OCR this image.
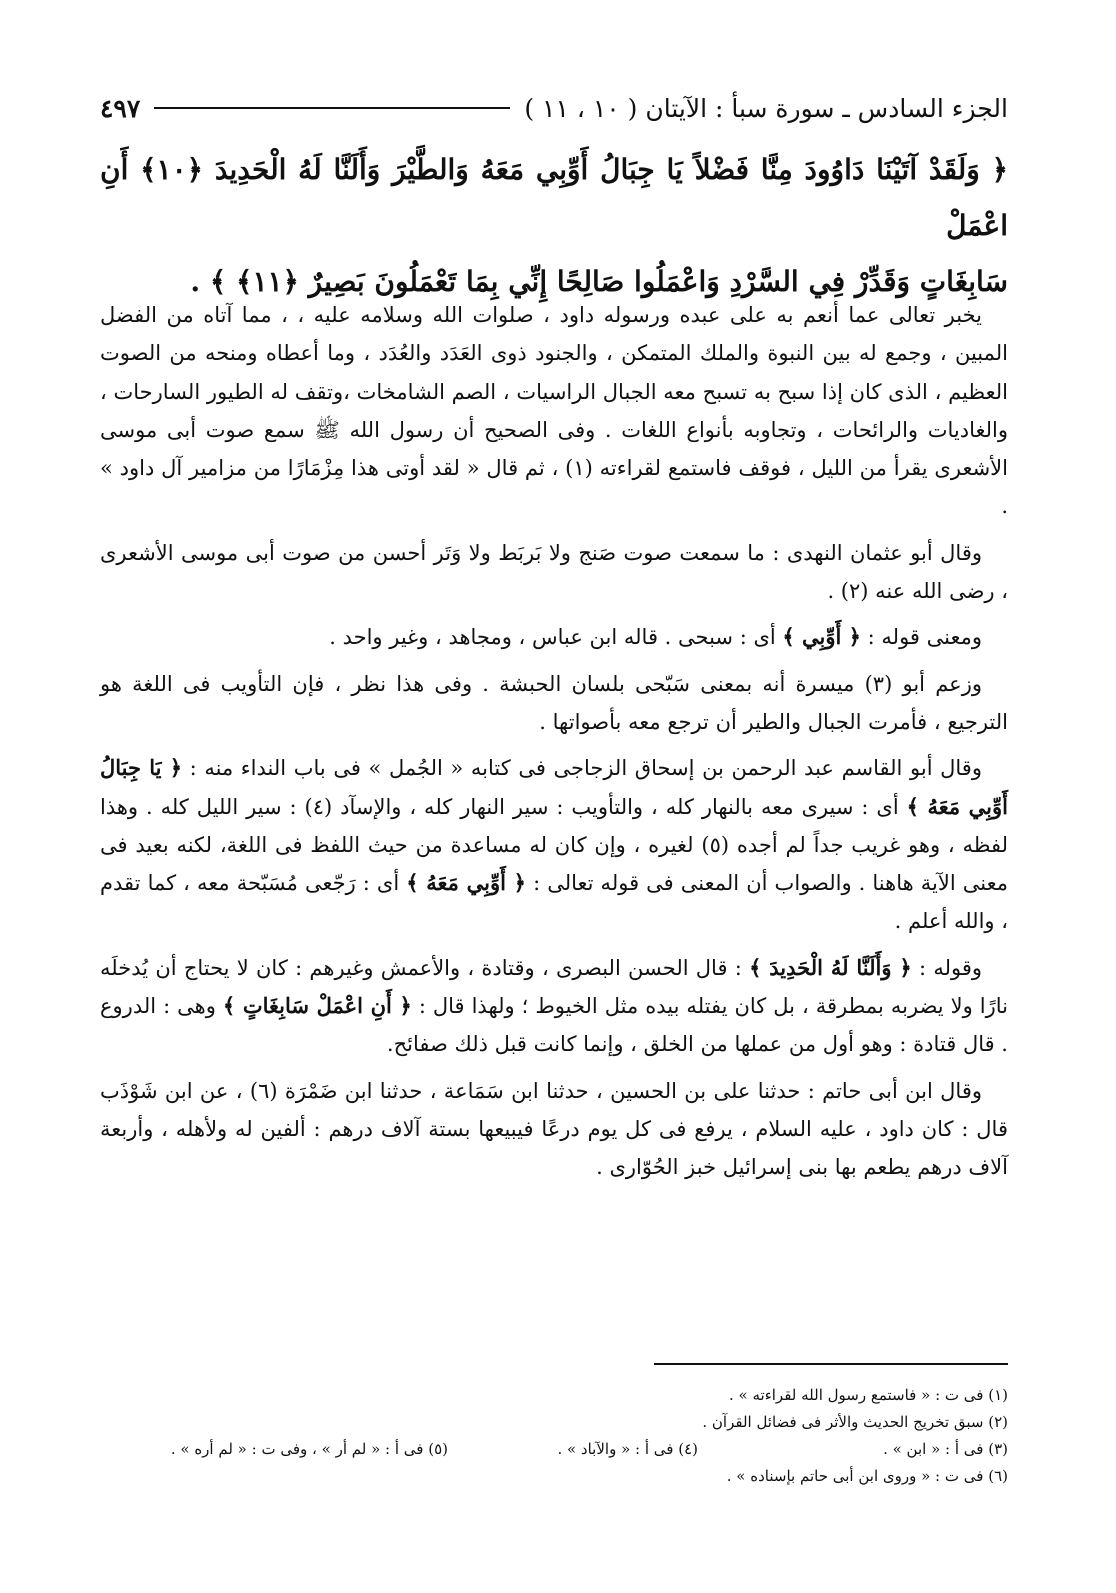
الجزء السادس ـ سورة سبأ : الآيتان ( ١٠ ، ١١ )
٤٩٧
﴿ وَلَقَدْ آتَيْنَا دَاوُودَ مِنَّا فَضْلاً يَا جِبَالُ أَوِّبِي مَعَهُ وَالطَّيْرَ وَأَلَنَّا لَهُ الْحَدِيدَ ﴿١٠﴾ أَنِ اعْمَلْ
سَابِغَاتٍ وَقَدِّرْ فِي السَّرْدِ وَاعْمَلُوا صَالِحًا إِنِّي بِمَا تَعْمَلُونَ بَصِيرٌ ﴿١١﴾ ﴾ .

يخبر تعالى عما أنعم به على عبده ورسوله داود ، صلوات الله وسلامه عليه ، ، مما آتاه من الفضل المبين ، وجمع له بين النبوة والملك المتمكن ، والجنود ذوى العَدَد والعُدَد ، وما أعطاه ومنحه من الصوت العظيم ، الذى كان إذا سبح به تسبح معه الجبال الراسيات ، الصم الشامخات ،وتقف له الطيور السارحات ، والغاديات والرائحات ، وتجاوبه بأنواع اللغات . وفى الصحيح أن رسول الله ﷺ سمع صوت أبى موسى الأشعرى يقرأ من الليل ، فوقف فاستمع لقراءته (١) ، ثم قال « لقد أوتى هذا مِزْمَارًا من مزامير آل داود » .

وقال أبو عثمان النهدى : ما سمعت صوت صَنج ولا بَربَط ولا وَتَر أحسن من صوت أبى موسى الأشعرى ، رضى الله عنه (٢) .

ومعنى قوله : ﴿ أَوِّبِي ﴾ أى : سبحى . قاله ابن عباس ، ومجاهد ، وغير واحد .

وزعم أبو (٣) ميسرة أنه بمعنى سَبّحى بلسان الحبشة . وفى هذا نظر ، فإن التأويب فى اللغة هو الترجيع ، فأمرت الجبال والطير أن ترجع معه بأصواتها .

وقال أبو القاسم عبد الرحمن بن إسحاق الزجاجى فى كتابه « الجُمل » فى باب النداء منه : ﴿ يَا جِبَالُ أَوِّبِي مَعَهُ ﴾ أى : سيرى معه بالنهار كله ، والتأويب : سير النهار كله ، والإسآد (٤) : سير الليل كله . وهذا لفظه ، وهو غريب جداً لم أجده (٥) لغيره ، وإن كان له مساعدة من حيث اللفظ فى اللغة، لكنه بعيد فى معنى الآية هاهنا . والصواب أن المعنى فى قوله تعالى : ﴿ أَوِّبِي مَعَهُ ﴾ أى : رَجّعى مُسَبّحة معه ، كما تقدم ، والله أعلم .

وقوله : ﴿ وَأَلَنَّا لَهُ الْحَدِيدَ ﴾ : قال الحسن البصرى ، وقتادة ، والأعمش وغيرهم : كان لا يحتاج أن يُدخلَه نارًا ولا يضربه بمطرقة ، بل كان يفتله بيده مثل الخيوط ؛ ولهذا قال : ﴿ أَنِ اعْمَلْ سَابِغَاتٍ ﴾ وهى : الدروع . قال قتادة : وهو أول من عملها من الخلق ، وإنما كانت قبل ذلك صفائح.

وقال ابن أبى حاتم : حدثنا على بن الحسين ، حدثنا ابن سَمَاعة ، حدثنا ابن ضَمْرَة (٦) ، عن ابن شَوْذَب قال : كان داود ، عليه السلام ، يرفع فى كل يوم درعًا فيبيعها بستة آلاف درهم : ألفين له ولأهله ، وأربعة آلاف درهم يطعم بها بنى إسرائيل خبز الحُوّارى .

(١) فى ت : « فاستمع رسول الله لقراءته » .
(٢) سبق تخريج الحديث والأثر فى فضائل القرآن .
(٣) فى أ : « ابن » .
(٤) فى أ : « والآباد » .
(٥) فى أ : « لم أر » ، وفى ت : « لم أره » .
(٦) فى ت : « وروى ابن أبى حاتم بإسناده » .
